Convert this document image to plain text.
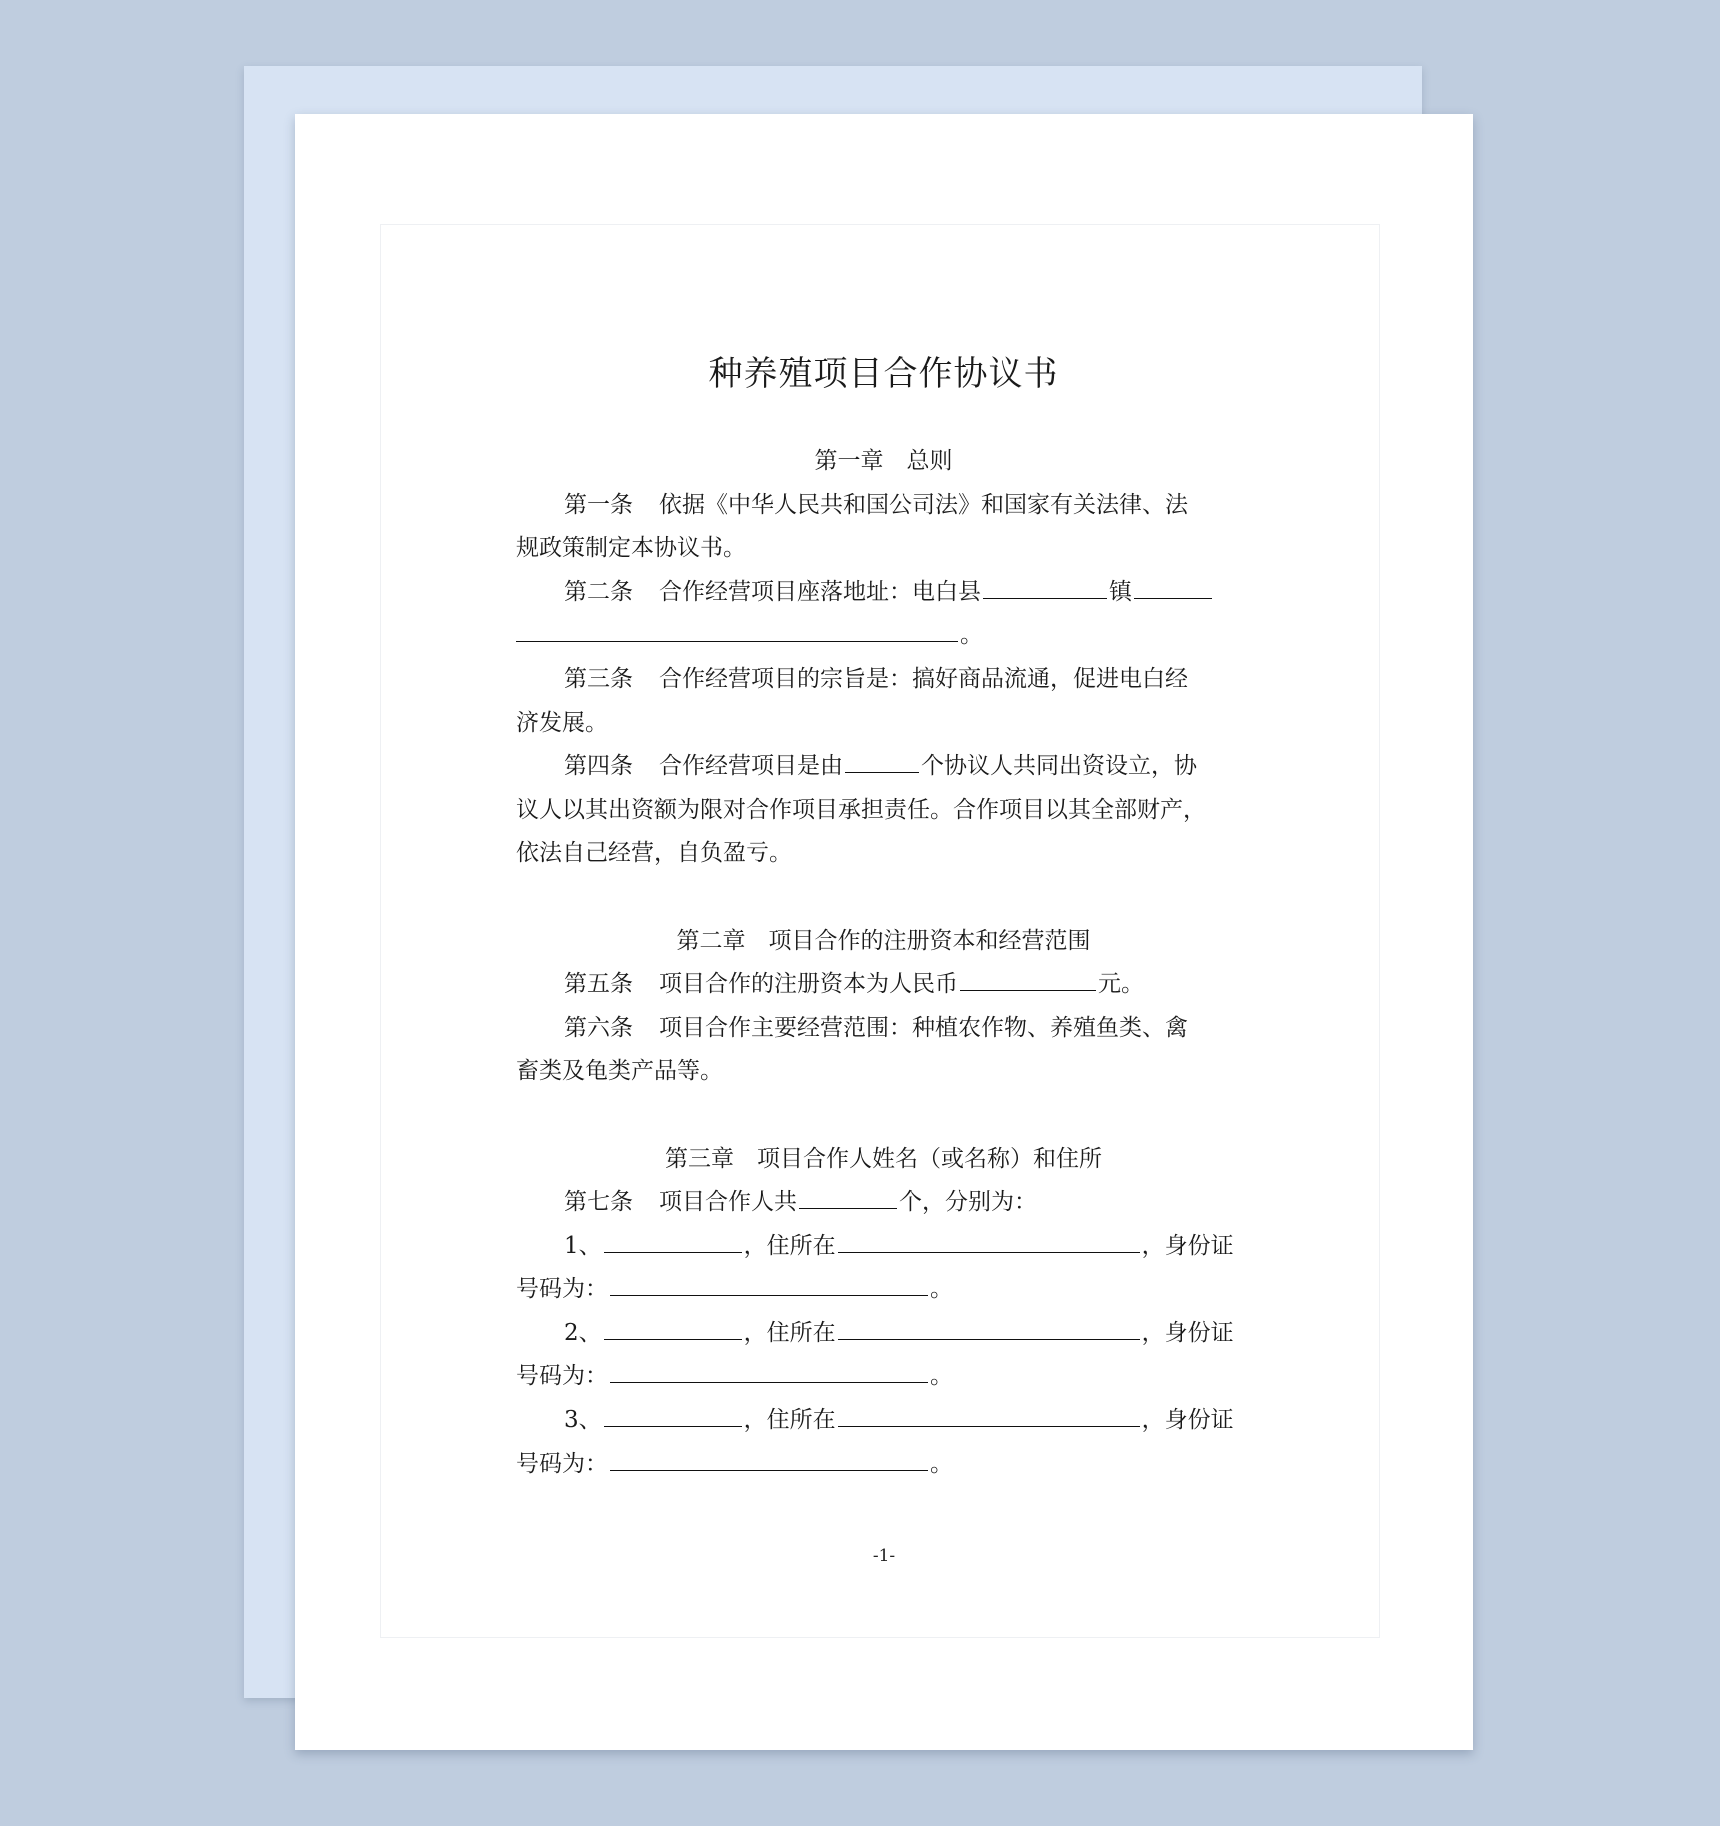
种养殖项目合作协议书
第一章　总则

第一条 依据《中华人民共和国公司法》和国家有关法律、法

规政策制定本协议书。

第二条 合作经营项目座落地址：电白县	镇

。

第三条 合作经营项目的宗旨是：搞好商品流通，促进电白经

济发展。

第四条 合作经营项目是由	个协议人共同出资设立，协

议人以其出资额为限对合作项目承担责任。合作项目以其全部财产，

依法自己经营，自负盈亏。

第二章　项目合作的注册资本和经营范围

第五条 项目合作的注册资本为人民币	元。

第六条 项目合作主要经营范围：种植农作物、养殖鱼类、禽

畜类及龟类产品等。

第三章　项目合作人姓名（或名称）和住所

第七条 项目合作人共	个，分别为：

1、	，住所在	，身份证

号码为：	。

2、	，住所在	，身份证

号码为：	。

3、	，住所在	，身份证

号码为：	。

-1-
